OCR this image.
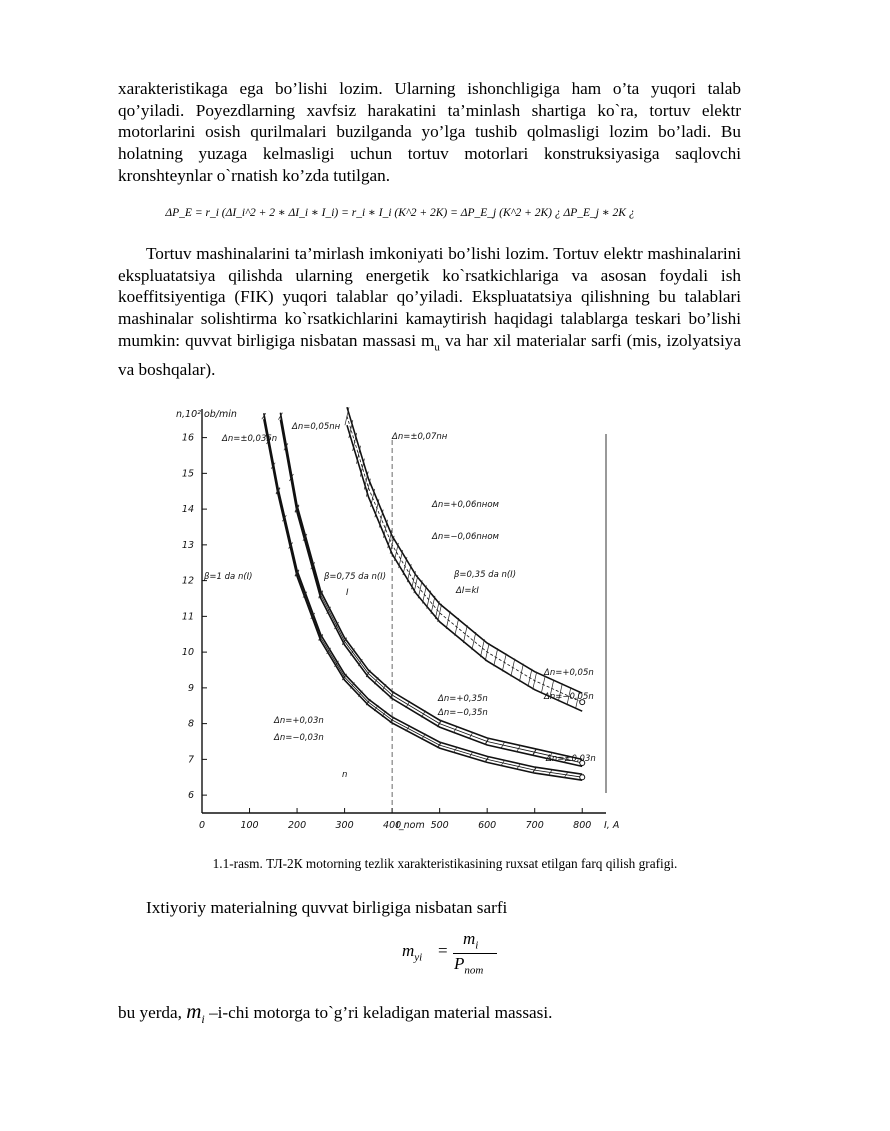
xarakteristikaga ega bo’lishi lozim. Ularning ishonchligiga ham o’ta yuqori talab qo’yiladi. Poyezdlarning xavfsiz harakatini ta’minlash shartiga ko`ra, tortuv elektr motorlarini osish qurilmalari buzilganda yo’lga tushib qolmasligi lozim bo’ladi. Bu holatning yuzaga kelmasligi uchun tortuv motorlari konstruksiyasiga saqlovchi kronshteynlar o`rnatish ko’zda tutilgan.
ΔP_E = r_i (ΔI_i^2 + 2 ∗ ΔI_i ∗ I_i) = r_i ∗ I_i (K^2 + 2K) = ΔP_E_j (K^2 + 2K) ¿ ΔP_E_j ∗ 2K ¿
Tortuv mashinalarini ta’mirlash imkoniyati bo’lishi lozim. Tortuv elektr mashinalarini ekspluatatsiya qilishda ularning energetik ko`rsatkichlariga va asosan foydali ish koeffitsiyentiga (FIK) yuqori talablar qo’yiladi. Ekspluatatsiya qilishning bu talablari mashinalar solishtirma ko`rsatkichlarini kamaytirish haqidagi talablarga teskari bo’lishi mumkin: quvvat birligiga nisbatan massasi $m_u$ va har xil materialar sarfi (mis, izolyatsiya va boshqalar).
6
7
8
9
10
11
12
13
14
15
16
0	100	200	300	400	500	600	700	800 I, A
n,10² ob/min
I_nom
Δn=±0,035n
Δn=0,05nн
Δn=±0,07nн
Δn=+0,06nном
Δn=−0,06nном
β=1 da n(I)	β=0,75 da n(I)	β=0,35 da n(I)
ΔI=kI
I
Δn=+0,05n
Δn=−0,05n
Δn=+0,35n
Δn=−0,35n
Δn=+0,03n
Δn=−0,03n
n
Δn=±0,03n
1.1-rasm. ТЛ-2К motorning tezlik xarakteristikasining ruxsat etilgan farq qilish grafigi.
Ixtiyoriy materialning quvvat birligiga nisbatan sarfi
$m_{yi}$ =
$m_i$
$P_{nom}$
bu yerda, $m_i$ –i-chi motorga to`g’ri keladigan material massasi.
